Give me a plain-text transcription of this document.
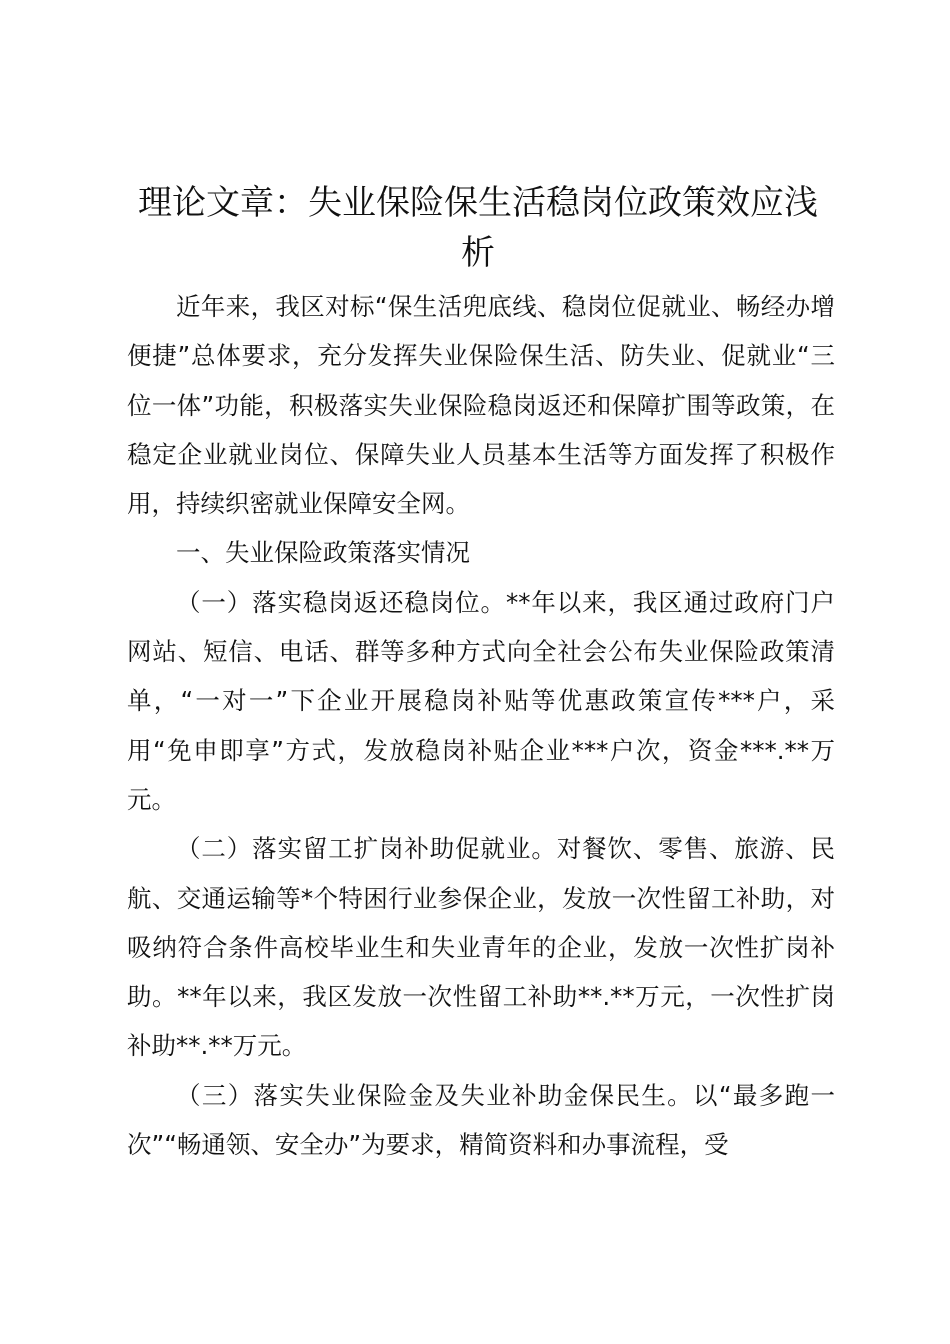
理论文章：失业保险保生活稳岗位政策效应浅析

近年来，我区对标“保生活兜底线、稳岗位促就业、畅经办增便捷”总体要求，充分发挥失业保险保生活、防失业、促就业“三位一体”功能，积极落实失业保险稳岗返还和保障扩围等政策，在稳定企业就业岗位、保障失业人员基本生活等方面发挥了积极作用，持续织密就业保障安全网。

一、失业保险政策落实情况

（一）落实稳岗返还稳岗位。**年以来，我区通过政府门户网站、短信、电话、群等多种方式向全社会公布失业保险政策清单，“一对一”下企业开展稳岗补贴等优惠政策宣传***户，采用“免申即享”方式，发放稳岗补贴企业***户次，资金***.**万元。

（二）落实留工扩岗补助促就业。对餐饮、零售、旅游、民航、交通运输等*个特困行业参保企业，发放一次性留工补助，对吸纳符合条件高校毕业生和失业青年的企业，发放一次性扩岗补助。**年以来，我区发放一次性留工补助**.**万元，一次性扩岗补助**.**万元。

（三）落实失业保险金及失业补助金保民生。以“最多跑一次”“畅通领、安全办”为要求，精简资料和办事流程，受
